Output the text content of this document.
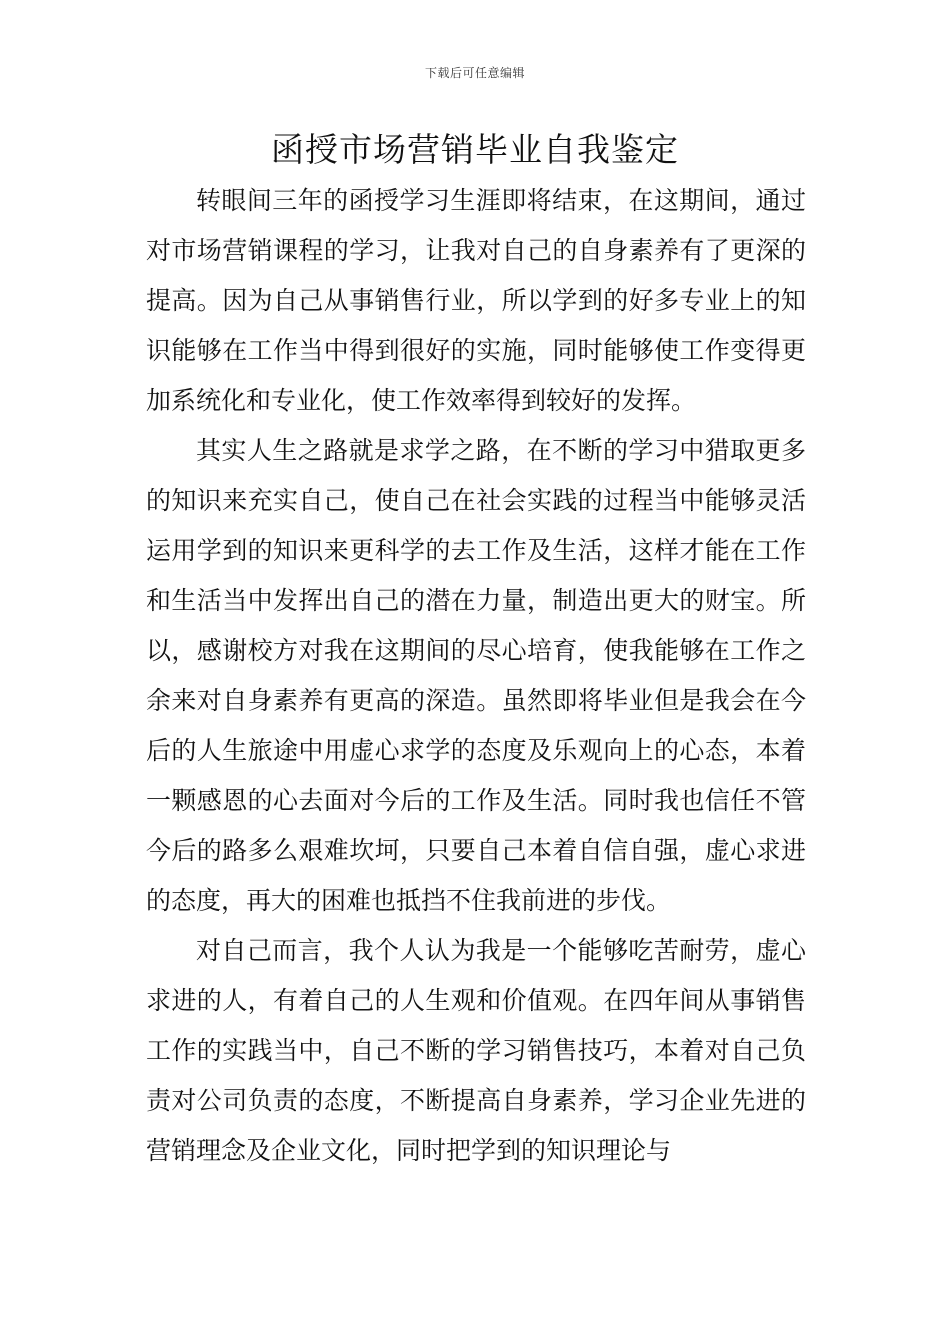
下载后可任意编辑
函授市场营销毕业自我鉴定

转眼间三年的函授学习生涯即将结束，在这期间，通过对市场营销课程的学习，让我对自己的自身素养有了更深的提高。因为自己从事销售行业，所以学到的好多专业上的知识能够在工作当中得到很好的实施，同时能够使工作变得更加系统化和专业化，使工作效率得到较好的发挥。

其实人生之路就是求学之路，在不断的学习中猎取更多的知识来充实自己，使自己在社会实践的过程当中能够灵活运用学到的知识来更科学的去工作及生活，这样才能在工作和生活当中发挥出自己的潜在力量，制造出更大的财宝。所以，感谢校方对我在这期间的尽心培育，使我能够在工作之余来对自身素养有更高的深造。虽然即将毕业但是我会在今后的人生旅途中用虚心求学的态度及乐观向上的心态，本着一颗感恩的心去面对今后的工作及生活。同时我也信任不管今后的路多么艰难坎坷，只要自己本着自信自强，虚心求进的态度，再大的困难也抵挡不住我前进的步伐。

对自己而言，我个人认为我是一个能够吃苦耐劳，虚心求进的人，有着自己的人生观和价值观。在四年间从事销售工作的实践当中，自己不断的学习销售技巧，本着对自己负责对公司负责的态度，不断提高自身素养，学习企业先进的营销理念及企业文化，同时把学到的知识理论与
